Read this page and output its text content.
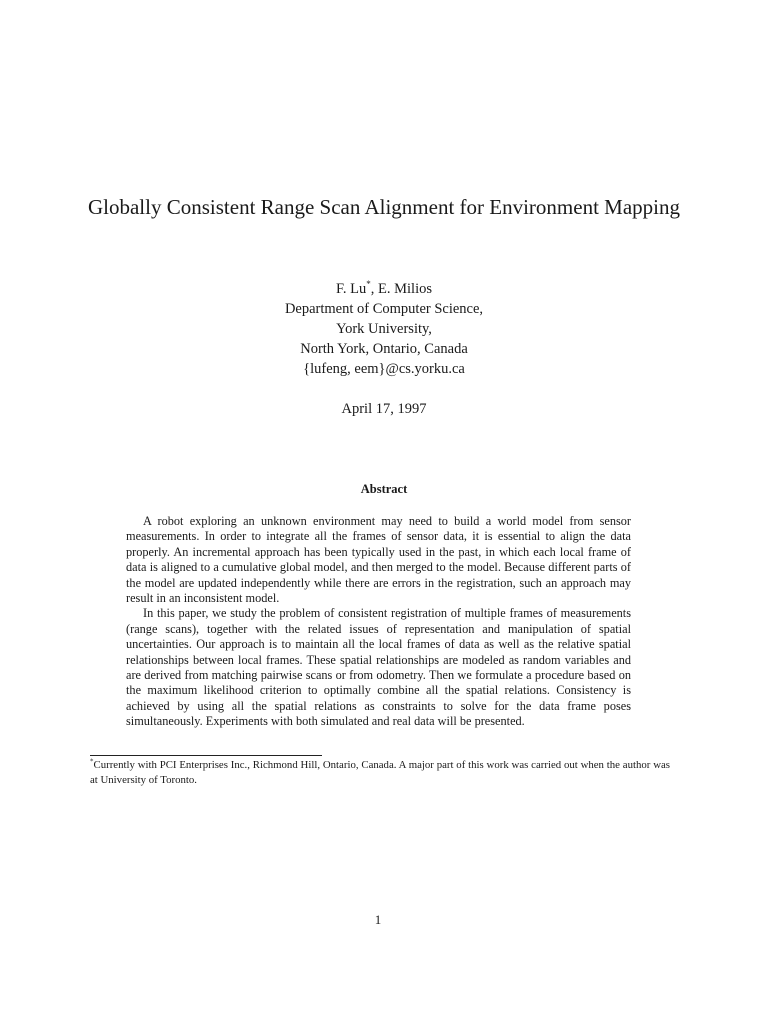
Globally Consistent Range Scan Alignment for Environment Mapping
F. Lu*, E. Milios
Department of Computer Science,
York University,
North York, Ontario, Canada
{lufeng, eem}@cs.yorku.ca
April 17, 1997
Abstract

A robot exploring an unknown environment may need to build a world model from sensor measurements. In order to integrate all the frames of sensor data, it is essential to align the data properly. An incremental approach has been typically used in the past, in which each local frame of data is aligned to a cumulative global model, and then merged to the model. Because different parts of the model are updated independently while there are errors in the registration, such an approach may result in an inconsistent model.

In this paper, we study the problem of consistent registration of multiple frames of measurements (range scans), together with the related issues of representation and manipulation of spatial uncertainties. Our approach is to maintain all the local frames of data as well as the relative spatial relationships between local frames. These spatial relationships are modeled as random variables and are derived from matching pairwise scans or from odometry. Then we formulate a procedure based on the maximum likelihood criterion to optimally combine all the spatial relations. Consistency is achieved by using all the spatial relations as constraints to solve for the data frame poses simultaneously. Experiments with both simulated and real data will be presented.

*Currently with PCI Enterprises Inc., Richmond Hill, Ontario, Canada. A major part of this work was carried out when the author was at University of Toronto.
1
